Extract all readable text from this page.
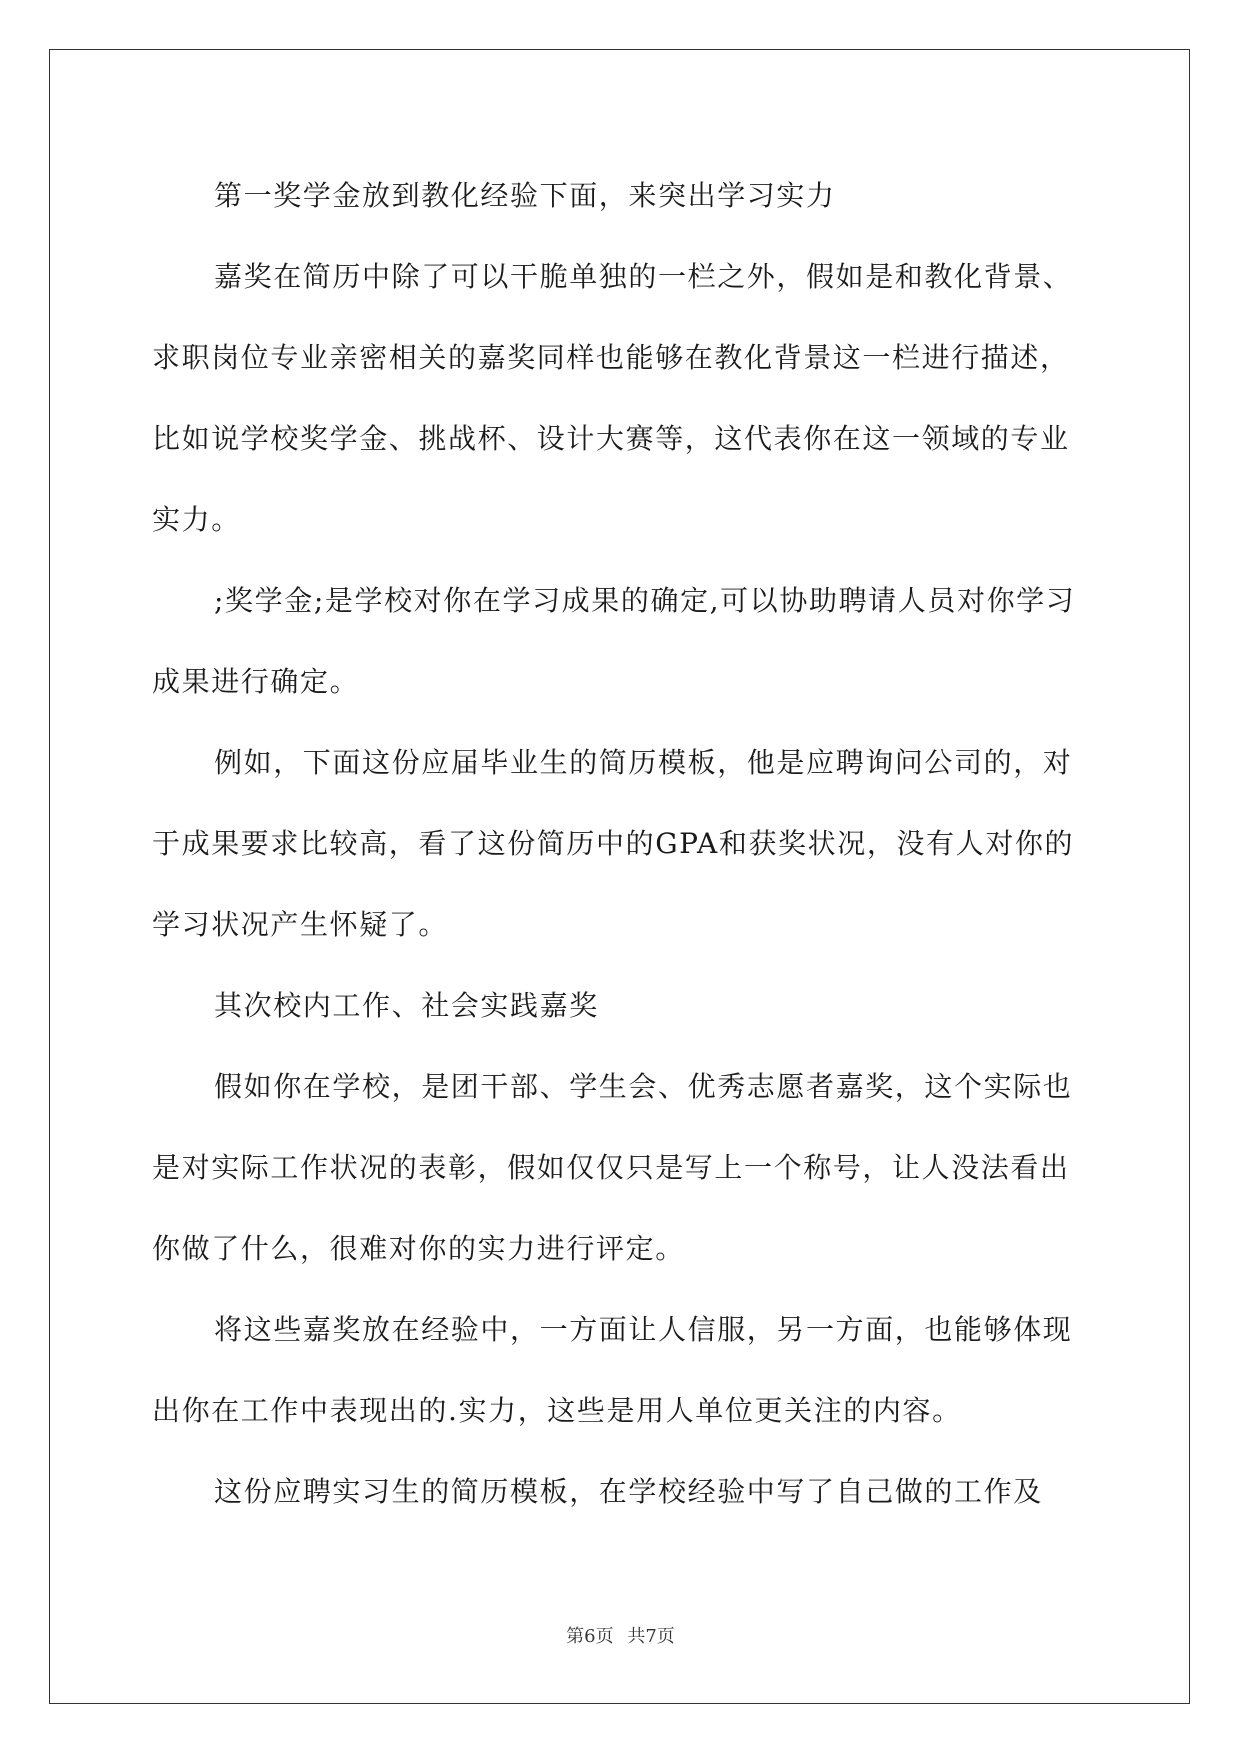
第一奖学金放到教化经验下面，来突出学习实力

嘉奖在简历中除了可以干脆单独的一栏之外，假如是和教化背景、求职岗位专业亲密相关的嘉奖同样也能够在教化背景这一栏进行描述，比如说学校奖学金、挑战杯、设计大赛等，这代表你在这一领域的专业实力。

;奖学金;是学校对你在学习成果的确定,可以协助聘请人员对你学习成果进行确定。

例如，下面这份应届毕业生的简历模板，他是应聘询问公司的，对于成果要求比较高，看了这份简历中的GPA和获奖状况，没有人对你的学习状况产生怀疑了。

其次校内工作、社会实践嘉奖

假如你在学校，是团干部、学生会、优秀志愿者嘉奖，这个实际也是对实际工作状况的表彰，假如仅仅只是写上一个称号，让人没法看出你做了什么，很难对你的实力进行评定。

将这些嘉奖放在经验中，一方面让人信服，另一方面，也能够体现出你在工作中表现出的.实力，这些是用人单位更关注的内容。

这份应聘实习生的简历模板，在学校经验中写了自己做的工作及

第6页 共7页
